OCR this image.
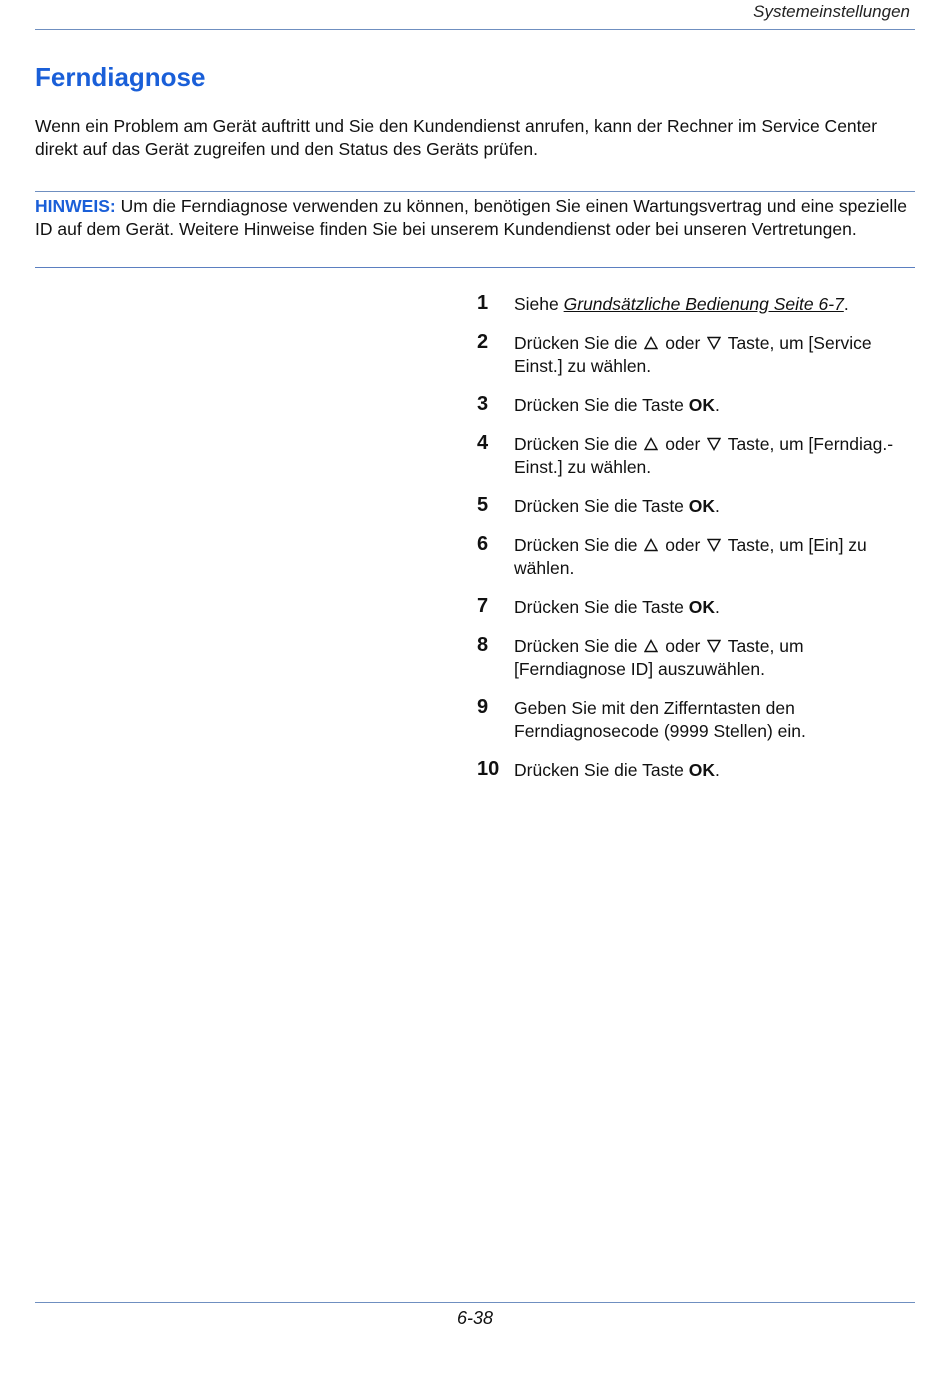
Systemeinstellungen
Ferndiagnose

Wenn ein Problem am Gerät auftritt und Sie den Kundendienst anrufen, kann der Rechner im Service Center direkt auf das Gerät zugreifen und den Status des Geräts prüfen.

HINWEIS: Um die Ferndiagnose verwenden zu können, benötigen Sie einen Wartungsvertrag und eine spezielle ID auf dem Gerät. Weitere Hinweise finden Sie bei unserem Kundendienst oder bei unseren Vertretungen.

1 Siehe Grundsätzliche Bedienung Seite 6-7.
2 Drücken Sie die
oder
Taste, um [Service Einst.] zu wählen.
3 Drücken Sie die Taste OK.
4 Drücken Sie die
oder
Taste, um [Ferndiag.-Einst.] zu wählen.
5 Drücken Sie die Taste OK.
6 Drücken Sie die
oder
Taste, um [Ein] zu wählen.
7 Drücken Sie die Taste OK.
8 Drücken Sie die
oder
Taste, um [Ferndiagnose ID] auszuwählen.
9 Geben Sie mit den Zifferntasten den Ferndiagnosecode (9999 Stellen) ein.
10 Drücken Sie die Taste OK.
6-38
